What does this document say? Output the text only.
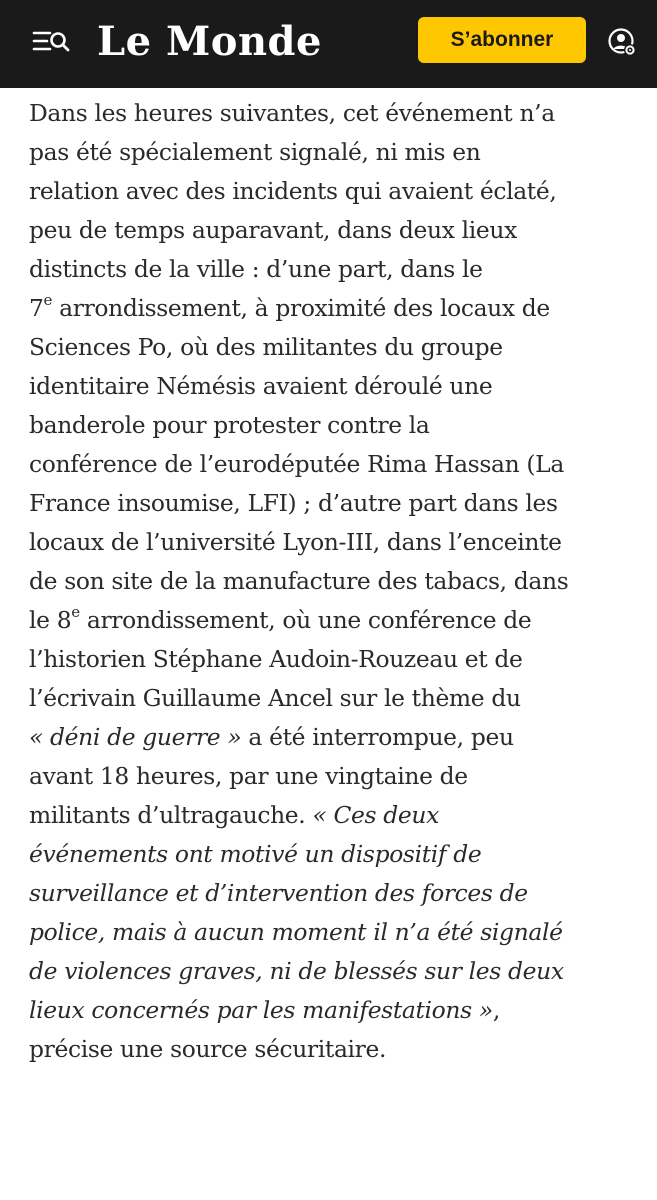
Le Monde	S’abonner
Dans les heures suivantes, cet événement n’a
pas été spécialement signalé, ni mis en
relation avec des incidents qui avaient éclaté,
peu de temps auparavant, dans deux lieux
distincts de la ville : d’une part, dans le
7e arrondissement, à proximité des locaux de
Sciences Po, où des militantes du groupe
identitaire Némésis avaient déroulé une
banderole pour protester contre la
conférence de l’eurodéputée Rima Hassan (La
France insoumise, LFI) ; d’autre part dans les
locaux de l’université Lyon-III, dans l’enceinte
de son site de la manufacture des tabacs, dans
le 8e arrondissement, où une conférence de
l’historien Stéphane Audoin-Rouzeau et de
l’écrivain Guillaume Ancel sur le thème du
« déni de guerre » a été interrompue, peu
avant 18 heures, par une vingtaine de
militants d’ultragauche. « Ces deux
événements ont motivé un dispositif de
surveillance et d’intervention des forces de
police, mais à aucun moment il n’a été signalé
de violences graves, ni de blessés sur les deux
lieux concernés par les manifestations »,
précise une source sécuritaire.
